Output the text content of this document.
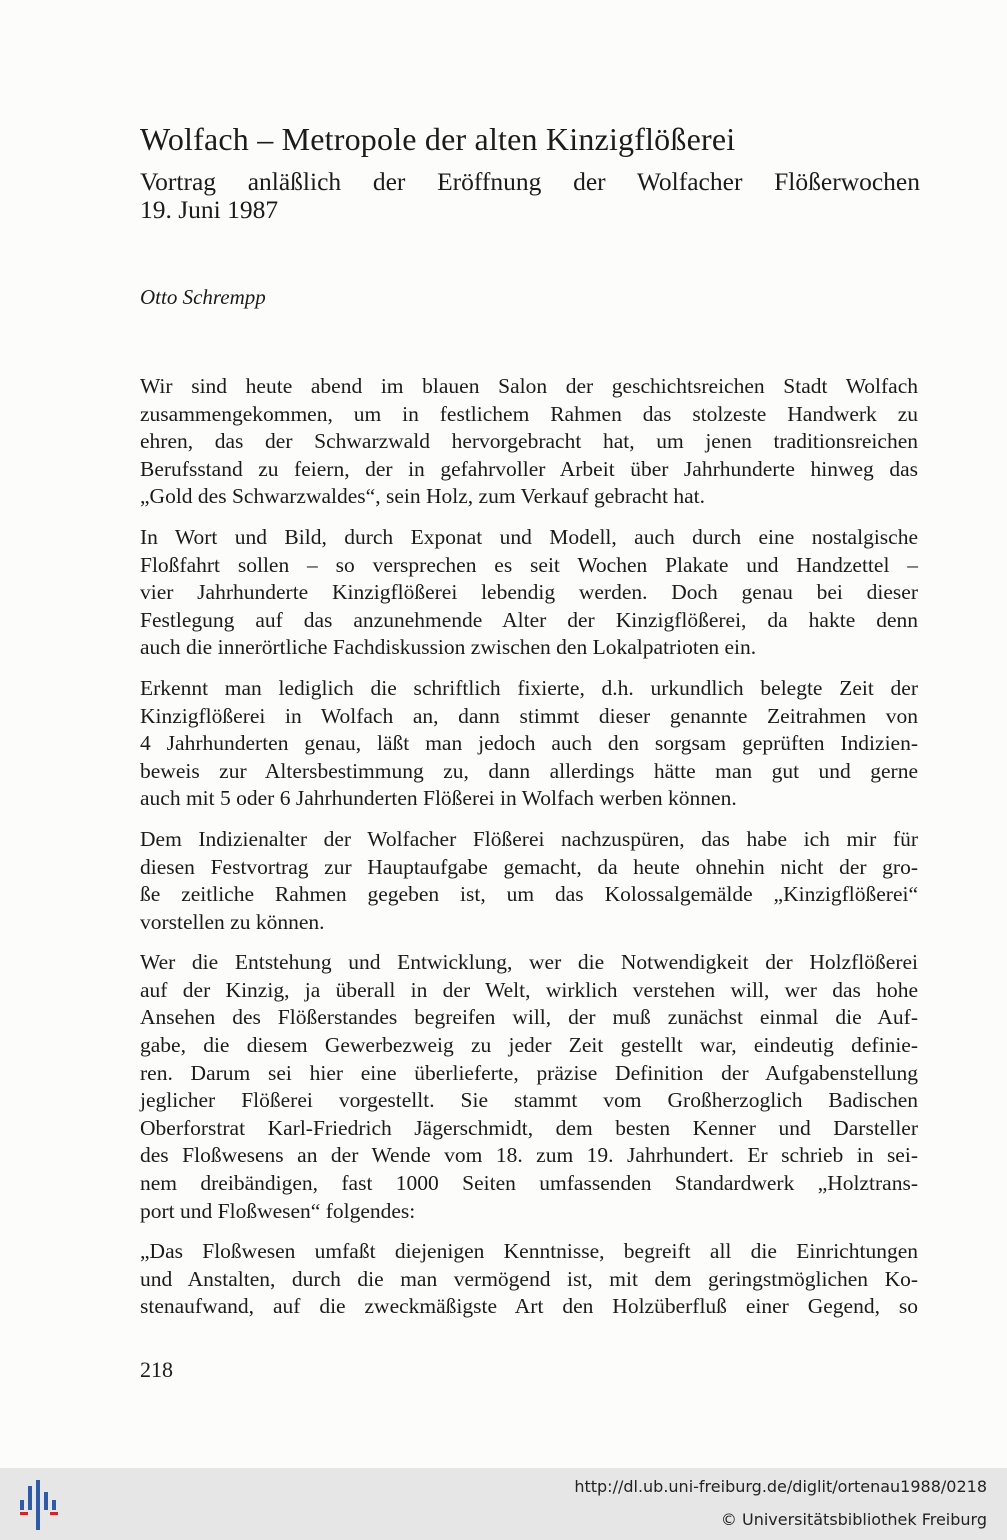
Wolfach – Metropole der alten Kinzigflößerei
Vortrag anläßlich der Eröffnung der Wolfacher Flößerwochen
19. Juni 1987
Otto Schrempp

Wir sind heute abend im blauen Salon der geschichtsreichen Stadt Wolfach
zusammengekommen, um in festlichem Rahmen das stolzeste Handwerk zu
ehren, das der Schwarzwald hervorgebracht hat, um jenen traditionsreichen
Berufsstand zu feiern, der in gefahrvoller Arbeit über Jahrhunderte hinweg das
„Gold des Schwarzwaldes“, sein Holz, zum Verkauf gebracht hat.

In Wort und Bild, durch Exponat und Modell, auch durch eine nostalgische
Floßfahrt sollen – so versprechen es seit Wochen Plakate und Handzettel –
vier Jahrhunderte Kinzigflößerei lebendig werden. Doch genau bei dieser
Festlegung auf das anzunehmende Alter der Kinzigflößerei, da hakte denn
auch die innerörtliche Fachdiskussion zwischen den Lokalpatrioten ein.

Erkennt man lediglich die schriftlich fixierte, d.h. urkundlich belegte Zeit der
Kinzigflößerei in Wolfach an, dann stimmt dieser genannte Zeitrahmen von
4 Jahrhunderten genau, läßt man jedoch auch den sorgsam geprüften Indizien-
beweis zur Altersbestimmung zu, dann allerdings hätte man gut und gerne
auch mit 5 oder 6 Jahrhunderten Flößerei in Wolfach werben können.

Dem Indizienalter der Wolfacher Flößerei nachzuspüren, das habe ich mir für
diesen Festvortrag zur Hauptaufgabe gemacht, da heute ohnehin nicht der gro-
ße zeitliche Rahmen gegeben ist, um das Kolossalgemälde „Kinzigflößerei“
vorstellen zu können.

Wer die Entstehung und Entwicklung, wer die Notwendigkeit der Holzflößerei
auf der Kinzig, ja überall in der Welt, wirklich verstehen will, wer das hohe
Ansehen des Flößerstandes begreifen will, der muß zunächst einmal die Auf-
gabe, die diesem Gewerbezweig zu jeder Zeit gestellt war, eindeutig definie-
ren. Darum sei hier eine überlieferte, präzise Definition der Aufgabenstellung
jeglicher Flößerei vorgestellt. Sie stammt vom Großherzoglich Badischen
Oberforstrat Karl-Friedrich Jägerschmidt, dem besten Kenner und Darsteller
des Floßwesens an der Wende vom 18. zum 19. Jahrhundert. Er schrieb in sei-
nem dreibändigen, fast 1000 Seiten umfassenden Standardwerk „Holztrans-
port und Floßwesen“ folgendes:

„Das Floßwesen umfaßt diejenigen Kenntnisse, begreift all die Einrichtungen
und Anstalten, durch die man vermögend ist, mit dem geringstmöglichen Ko-
stenaufwand, auf die zweckmäßigste Art den Holzüberfluß einer Gegend, so

218
http://dl.ub.uni-freiburg.de/diglit/ortenau1988/0218
© Universitätsbibliothek Freiburg
